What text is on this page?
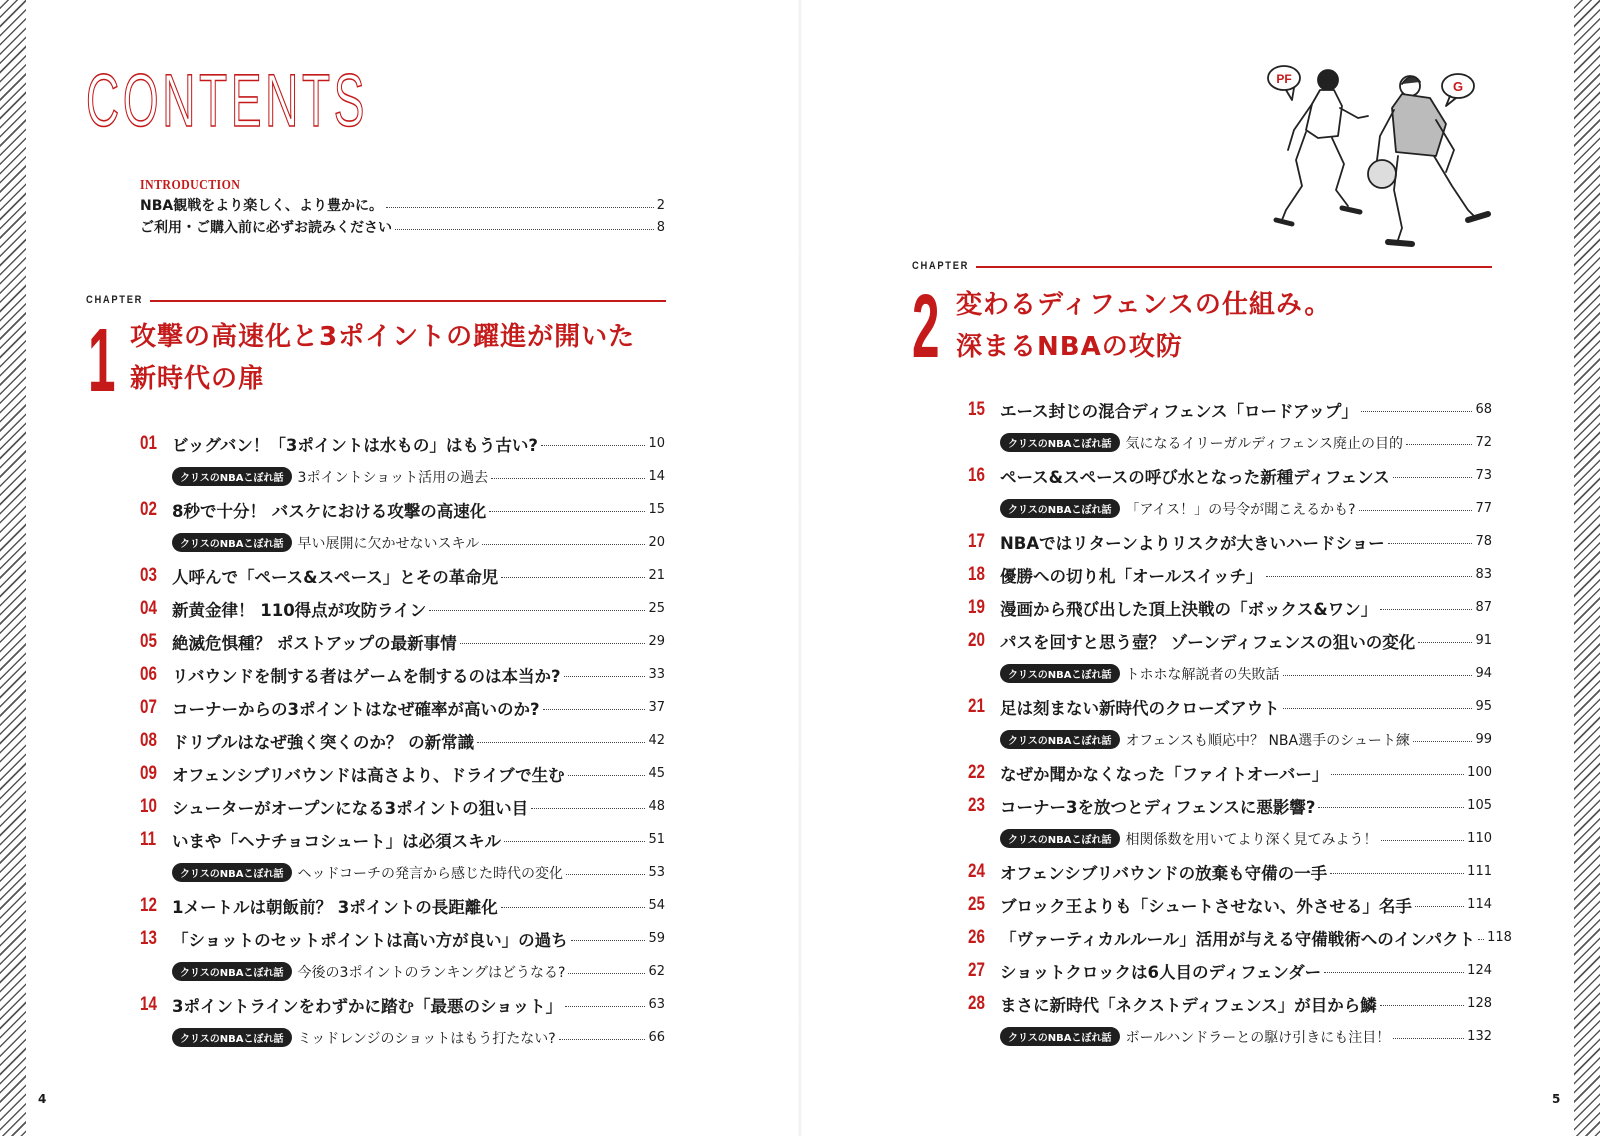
CONTENTS
INTRODUCTION
NBA観戦をより楽しく、より豊かに。	2
ご利用・ご購入前に必ずお読みください	8
CHAPTER
1 攻撃の高速化と3ポイントの躍進が開いた
新時代の扉
01 ビッグバン！「3ポイントは水もの」はもう古い?	10
クリスのNBAこぼれ話	3ポイントショット活用の過去	14
02 8秒で十分！ バスケにおける攻撃の高速化	15
クリスのNBAこぼれ話	早い展開に欠かせないスキル	20
03 人呼んで「ペース&スペース」とその革命児	21
04 新黄金律！ 110得点が攻防ライン	25
05 絶滅危惧種？ ポストアップの最新事情	29
06 リバウンドを制する者はゲームを制するのは本当か?	33
07 コーナーからの3ポイントはなぜ確率が高いのか?	37
08 ドリブルはなぜ強く突くのか？ の新常識	42
09 オフェンシブリバウンドは高さより、ドライブで生む	45
10 シューターがオープンになる3ポイントの狙い目	48
11 いまや「ヘナチョコシュート」は必須スキル	51
クリスのNBAこぼれ話	ヘッドコーチの発言から感じた時代の変化	53
12 1メートルは朝飯前？ 3ポイントの長距離化	54
13 「ショットのセットポイントは高い方が良い」の過ち	59
クリスのNBAこぼれ話	今後の3ポイントのランキングはどうなる?	62
14 3ポイントラインをわずかに踏む「最悪のショット」	63
クリスのNBAこぼれ話	ミッドレンジのショットはもう打たない?	66
PF	G
CHAPTER
2 変わるディフェンスの仕組み。
深まるNBAの攻防
15 エース封じの混合ディフェンス「ロードアップ」	68
クリスのNBAこぼれ話	気になるイリーガルディフェンス廃止の目的	72
16 ペース&スペースの呼び水となった新種ディフェンス	73
クリスのNBAこぼれ話	「アイス！」の号令が聞こえるかも?	77
17 NBAではリターンよりリスクが大きいハードショー	78
18 優勝への切り札「オールスイッチ」	83
19 漫画から飛び出した頂上決戦の「ボックス&ワン」	87
20 パスを回すと思う壺？ ゾーンディフェンスの狙いの変化	91
クリスのNBAこぼれ話	トホホな解説者の失敗話	94
21 足は刻まない新時代のクローズアウト	95
クリスのNBAこぼれ話	オフェンスも順応中？ NBA選手のシュート練	99
22 なぜか聞かなくなった「ファイトオーバー」	100
23 コーナー3を放つとディフェンスに悪影響?	105
クリスのNBAこぼれ話	相関係数を用いてより深く見てみよう！	110
24 オフェンシブリバウンドの放棄も守備の一手	111
25 ブロック王よりも「シュートさせない、外させる」名手	114
26 「ヴァーティカルルール」活用が与える守備戦術へのインパクト 118
27 ショットクロックは6人目のディフェンダー	124
28 まさに新時代「ネクストディフェンス」が目から鱗	128
クリスのNBAこぼれ話	ボールハンドラーとの駆け引きにも注目！	132
4	5
